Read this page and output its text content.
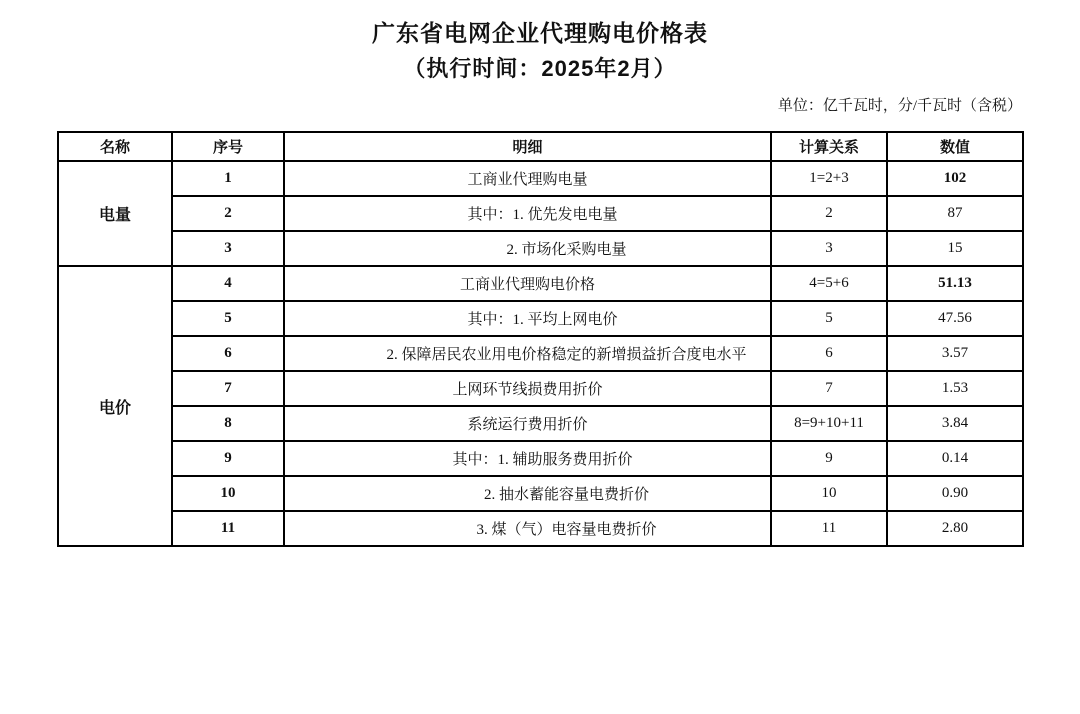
广东省电网企业代理购电价格表
（执行时间：2025年2月）
单位：亿千瓦时，分/千瓦时（含税）
名称	序号	明细	计算关系	数值
电量	1	工商业代理购电量	1=2+3	102
	2	其中：1. 优先发电电量	2	87
	3	2. 市场化采购电量	3	15
电价	4	工商业代理购电价格	4=5+6	51.13
	5	其中：1. 平均上网电价	5	47.56
	6	2. 保障居民农业用电价格稳定的新增损益折合度电水平	6	3.57
	7	上网环节线损费用折价	7	1.53
	8	系统运行费用折价	8=9+10+11	3.84
	9	其中：1. 辅助服务费用折价	9	0.14
	10	2. 抽水蓄能容量电费折价	10	0.90
	11	3. 煤（气）电容量电费折价	11	2.80
